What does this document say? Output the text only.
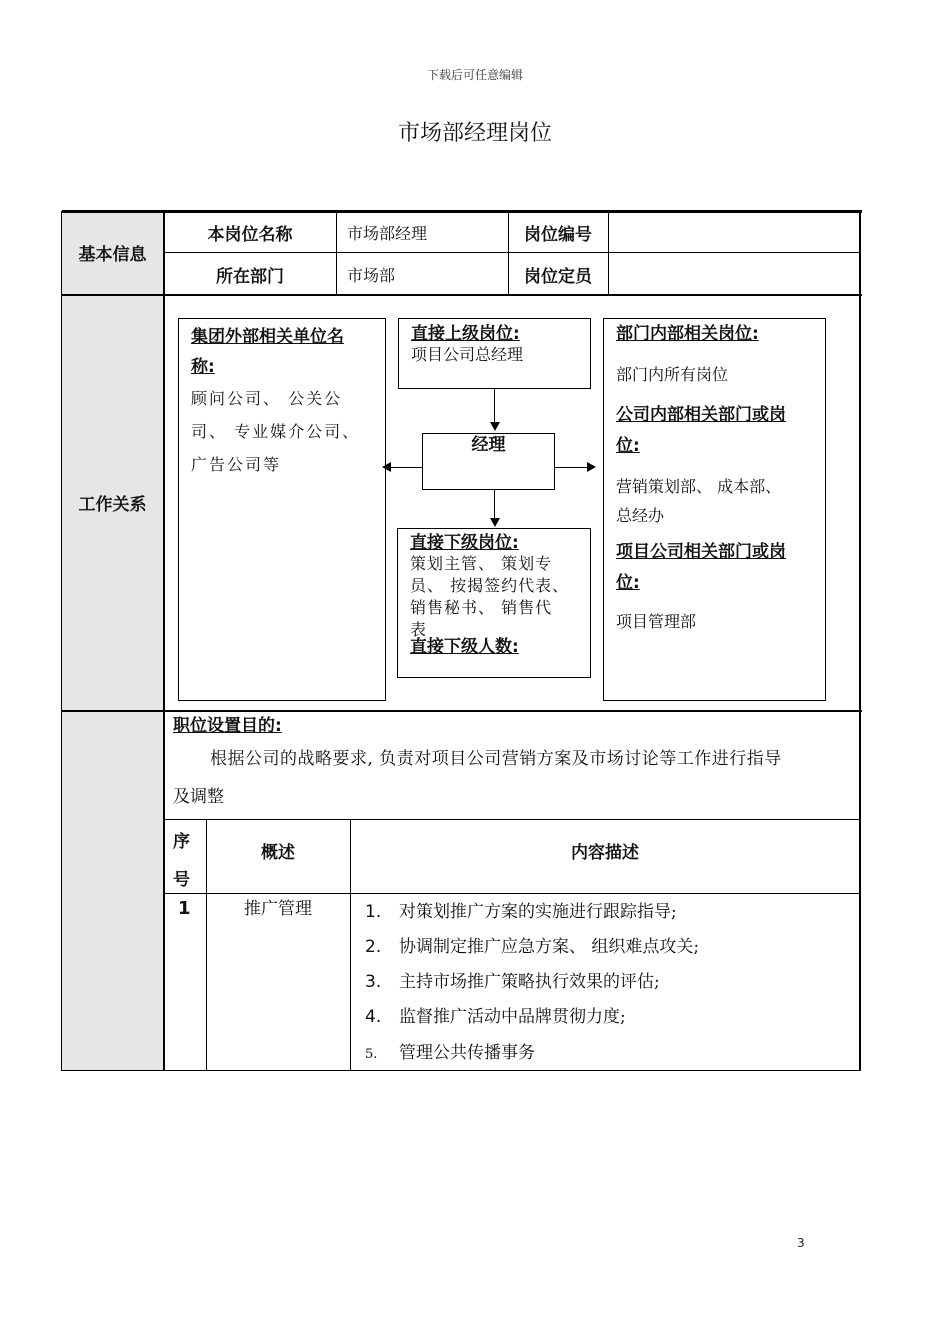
下载后可任意编辑
市场部经理岗位
基本信息
本岗位名称	市场部经理	岗位编号
所在部门	市场部	岗位定员
工作关系
集团外部相关单位名
称:
顾问公司、 公关公
司、 专业媒介公司、
广告公司等
直接上级岗位:
项目公司总经理
经理
直接下级岗位:
策划主管、 策划专
员、 按揭签约代表、
销售秘书、 销售代
表
直接下级人数:
部门内部相关岗位:
部门内所有岗位
公司内部相关部门或岗
位:
营销策划部、 成本部、
总经办
项目公司相关部门或岗
位:
项目管理部
职位设置目的:
根据公司的战略要求, 负责对项目公司营销方案及市场讨论等工作进行指导
及调整
序
号
概述	内容描述
1	推广管理	1. 对策划推广方案的实施进行跟踪指导;
2. 协调制定推广应急方案、 组织难点攻关;
3. 主持市场推广策略执行效果的评估;
4. 监督推广活动中品牌贯彻力度;
5. 管理公共传播事务
3
